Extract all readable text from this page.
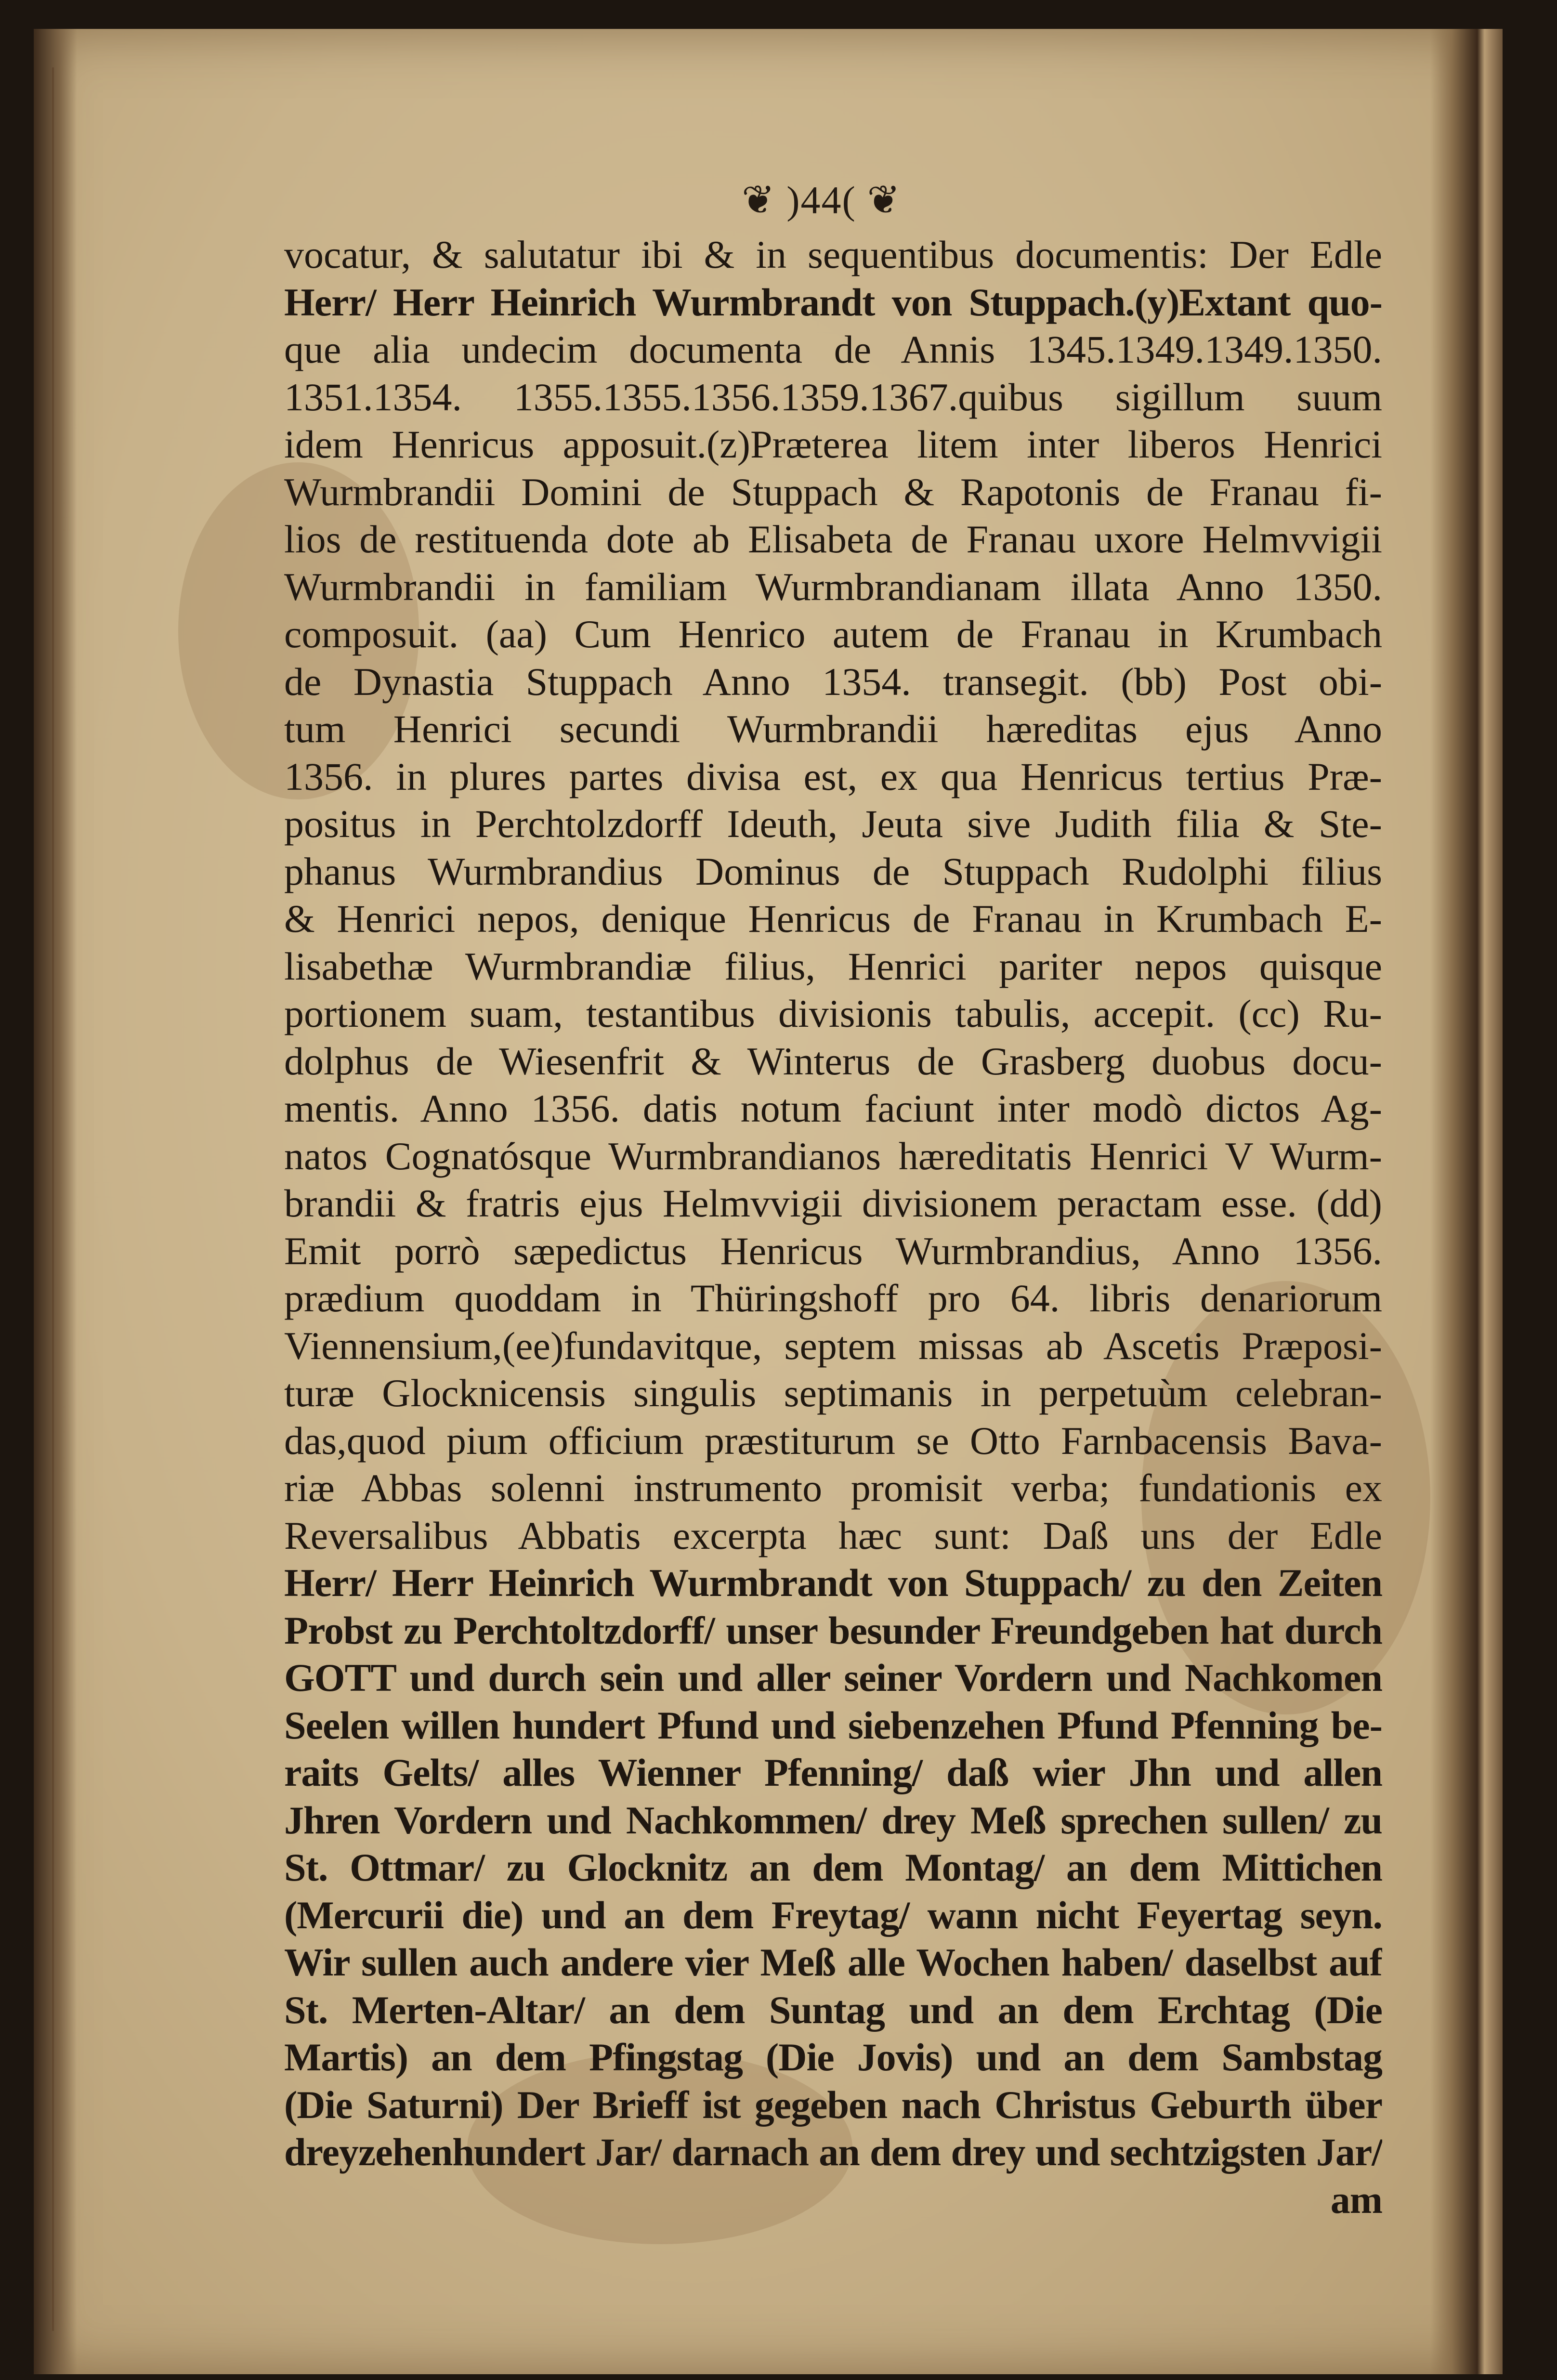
❦ )44( ❦
vocatur, & salutatur ibi & in sequentibus documentis: Der Edle
Herr/ Herr Heinrich Wurmbrandt von Stuppach.(y)Extant quo-
que alia undecim documenta de Annis 1345.1349.1349.1350.
1351.1354. 1355.1355.1356.1359.1367.quibus sigillum suum
idem Henricus apposuit.(z)Præterea litem inter liberos Henrici
Wurmbrandii Domini de Stuppach & Rapotonis de Franau fi-
lios de restituenda dote ab Elisabeta de Franau uxore Helmvvigii
Wurmbrandii in familiam Wurmbrandianam illata Anno 1350.
composuit. (aa) Cum Henrico autem de Franau in Krumbach
de Dynastia Stuppach Anno 1354. transegit. (bb) Post obi-
tum Henrici secundi Wurmbrandii hæreditas ejus Anno
1356. in plures partes divisa est, ex qua Henricus tertius Præ-
positus in Perchtolzdorff Ideuth, Jeuta sive Judith filia & Ste-
phanus Wurmbrandius Dominus de Stuppach Rudolphi filius
& Henrici nepos, denique Henricus de Franau in Krumbach E-
lisabethæ Wurmbrandiæ filius, Henrici pariter nepos quisque
portionem suam, testantibus divisionis tabulis, accepit. (cc) Ru-
dolphus de Wiesenfrit & Winterus de Grasberg duobus docu-
mentis. Anno 1356. datis notum faciunt inter modò dictos Ag-
natos Cognatósque Wurmbrandianos hæreditatis Henrici V Wurm-
brandii & fratris ejus Helmvvigii divisionem peractam esse. (dd)
Emit porrò sæpedictus Henricus Wurmbrandius, Anno 1356.
prædium quoddam in Thüringshoff pro 64. libris denariorum
Viennensium,(ee)fundavitque, septem missas ab Ascetis Præposi-
turæ Glocknicensis singulis septimanis in perpetuùm celebran-
das,quod pium officium præstiturum se Otto Farnbacensis Bava-
riæ Abbas solenni instrumento promisit verba; fundationis ex
Reversalibus Abbatis excerpta hæc sunt: Daß uns der Edle
Herr/ Herr Heinrich Wurmbrandt von Stuppach/ zu den Zeiten
Probst zu Perchtoltzdorff/ unser besunder Freundgeben hat durch
GOTT und durch sein und aller seiner Vordern und Nachkomen
Seelen willen hundert Pfund und siebenzehen Pfund Pfenning be-
raits Gelts/ alles Wienner Pfenning/ daß wier Jhn und allen
Jhren Vordern und Nachkommen/ drey Meß sprechen sullen/ zu
St. Ottmar/ zu Glocknitz an dem Montag/ an dem Mittichen
(Mercurii die) und an dem Freytag/ wann nicht Feyertag seyn.
Wir sullen auch andere vier Meß alle Wochen haben/ daselbst auf
St. Merten-Altar/ an dem Suntag und an dem Erchtag (Die
Martis) an dem Pfingstag (Die Jovis) und an dem Sambstag
(Die Saturni) Der Brieff ist gegeben nach Christus Geburth über
dreyzehenhundert Jar/ darnach an dem drey und sechtzigsten Jar/
am
